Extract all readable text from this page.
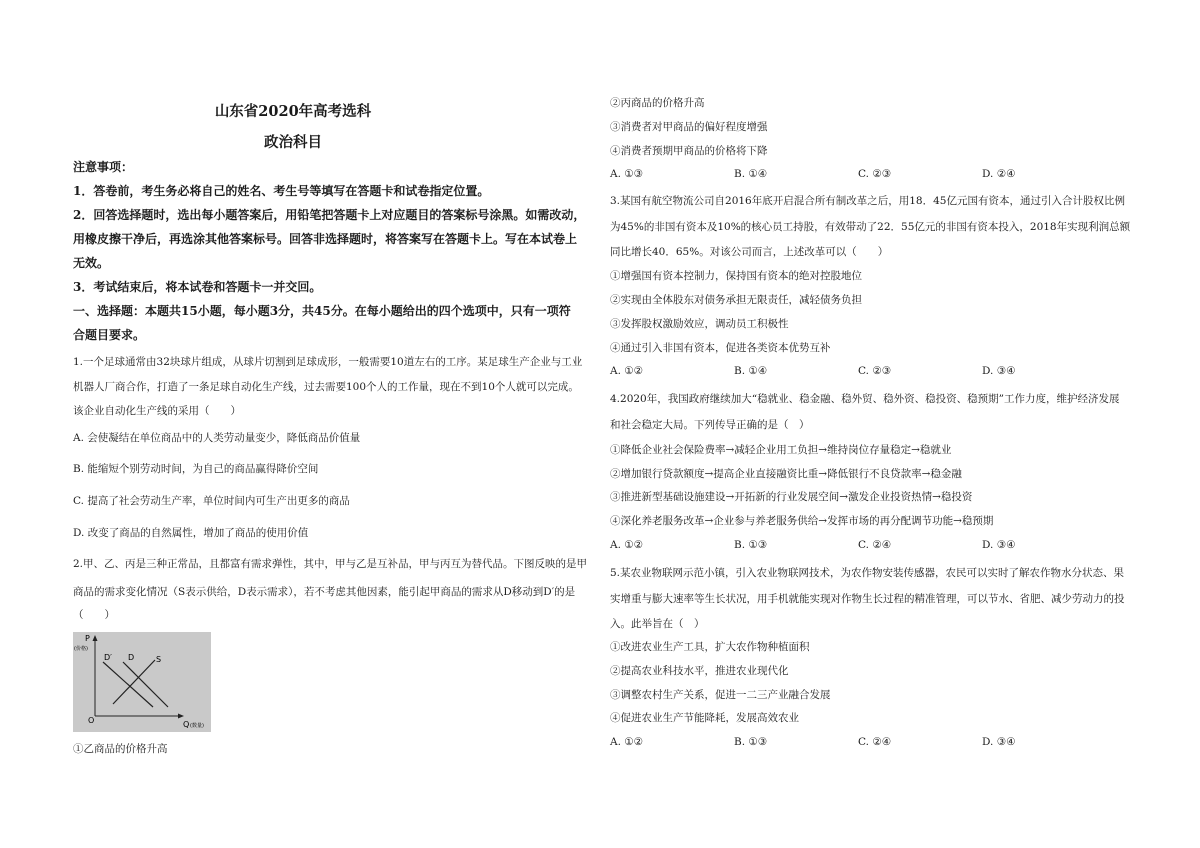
山东省2020年高考选科
政治科目
注意事项：
1．答卷前，考生务必将自己的姓名、考生号等填写在答题卡和试卷指定位置。
2．回答选择题时，选出每小题答案后，用铅笔把答题卡上对应题目的答案标号涂黑。如需改动，
用橡皮擦干净后，再选涂其他答案标号。回答非选择题时，将答案写在答题卡上。写在本试卷上
无效。
3．考试结束后，将本试卷和答题卡一并交回。
一、选择题：本题共15小题，每小题3分，共45分。在每小题给出的四个选项中，只有一项符
合题目要求。
1.一个足球通常由32块球片组成，从球片切割到足球成形，一般需要10道左右的工序。某足球生产企业与工业
机器人厂商合作，打造了一条足球自动化生产线，过去需要100个人的工作量，现在不到10个人就可以完成。
该企业自动化生产线的采用（　　）
A. 会使凝结在单位商品中的人类劳动量变少，降低商品价值量
B. 能缩短个别劳动时间，为自己的商品赢得降价空间
C. 提高了社会劳动生产率，单位时间内可生产出更多的商品
D. 改变了商品的自然属性，增加了商品的使用价值
2.甲、乙、丙是三种正常品，且都富有需求弹性，其中，甲与乙是互补品，甲与丙互为替代品。下图反映的是甲
商品的需求变化情况（S表示供给，D表示需求），若不考虑其他因素，能引起甲商品的需求从D移动到D′的是
（　　）
P
(价格)
D′ D	S
O	Q (数量)
①乙商品的价格升高
②丙商品的价格升高
③消费者对甲商品的偏好程度增强
④消费者预期甲商品的价格将下降
A. ①③	B. ①④	C. ②③	D. ②④
3.某国有航空物流公司自2016年底开启混合所有制改革之后，用18．45亿元国有资本，通过引入合计股权比例
为45%的非国有资本及10%的核心员工持股，有效带动了22．55亿元的非国有资本投入，2018年实现利润总额
同比增长40．65%。对该公司而言，上述改革可以（　　）
①增强国有资本控制力，保持国有资本的绝对控股地位
②实现由全体股东对债务承担无限责任，减轻债务负担
③发挥股权激励效应，调动员工积极性
④通过引入非国有资本，促进各类资本优势互补
A. ①②	B. ①④	C. ②③	D. ③④
4.2020年，我国政府继续加大“稳就业、稳金融、稳外贸、稳外资、稳投资、稳预期”工作力度，维护经济发展
和社会稳定大局。下列传导正确的是（　）
①降低企业社会保险费率→减轻企业用工负担→维持岗位存量稳定→稳就业
②增加银行贷款额度→提高企业直接融资比重→降低银行不良贷款率→稳金融
③推进新型基础设施建设→开拓新的行业发展空间→激发企业投资热情→稳投资
④深化养老服务改革→企业参与养老服务供给→发挥市场的再分配调节功能→稳预期
A. ①②	B. ①③	C. ②④	D. ③④
5.某农业物联网示范小镇，引入农业物联网技术，为农作物安装传感器，农民可以实时了解农作物水分状态、果
实增重与膨大速率等生长状况，用手机就能实现对作物生长过程的精准管理，可以节水、省肥、减少劳动力的投
入。此举旨在（　）
①改进农业生产工具，扩大农作物种植面积
②提高农业科技水平，推进农业现代化
③调整农村生产关系，促进一二三产业融合发展
④促进农业生产节能降耗，发展高效农业
A. ①②	B. ①③	C. ②④	D. ③④
